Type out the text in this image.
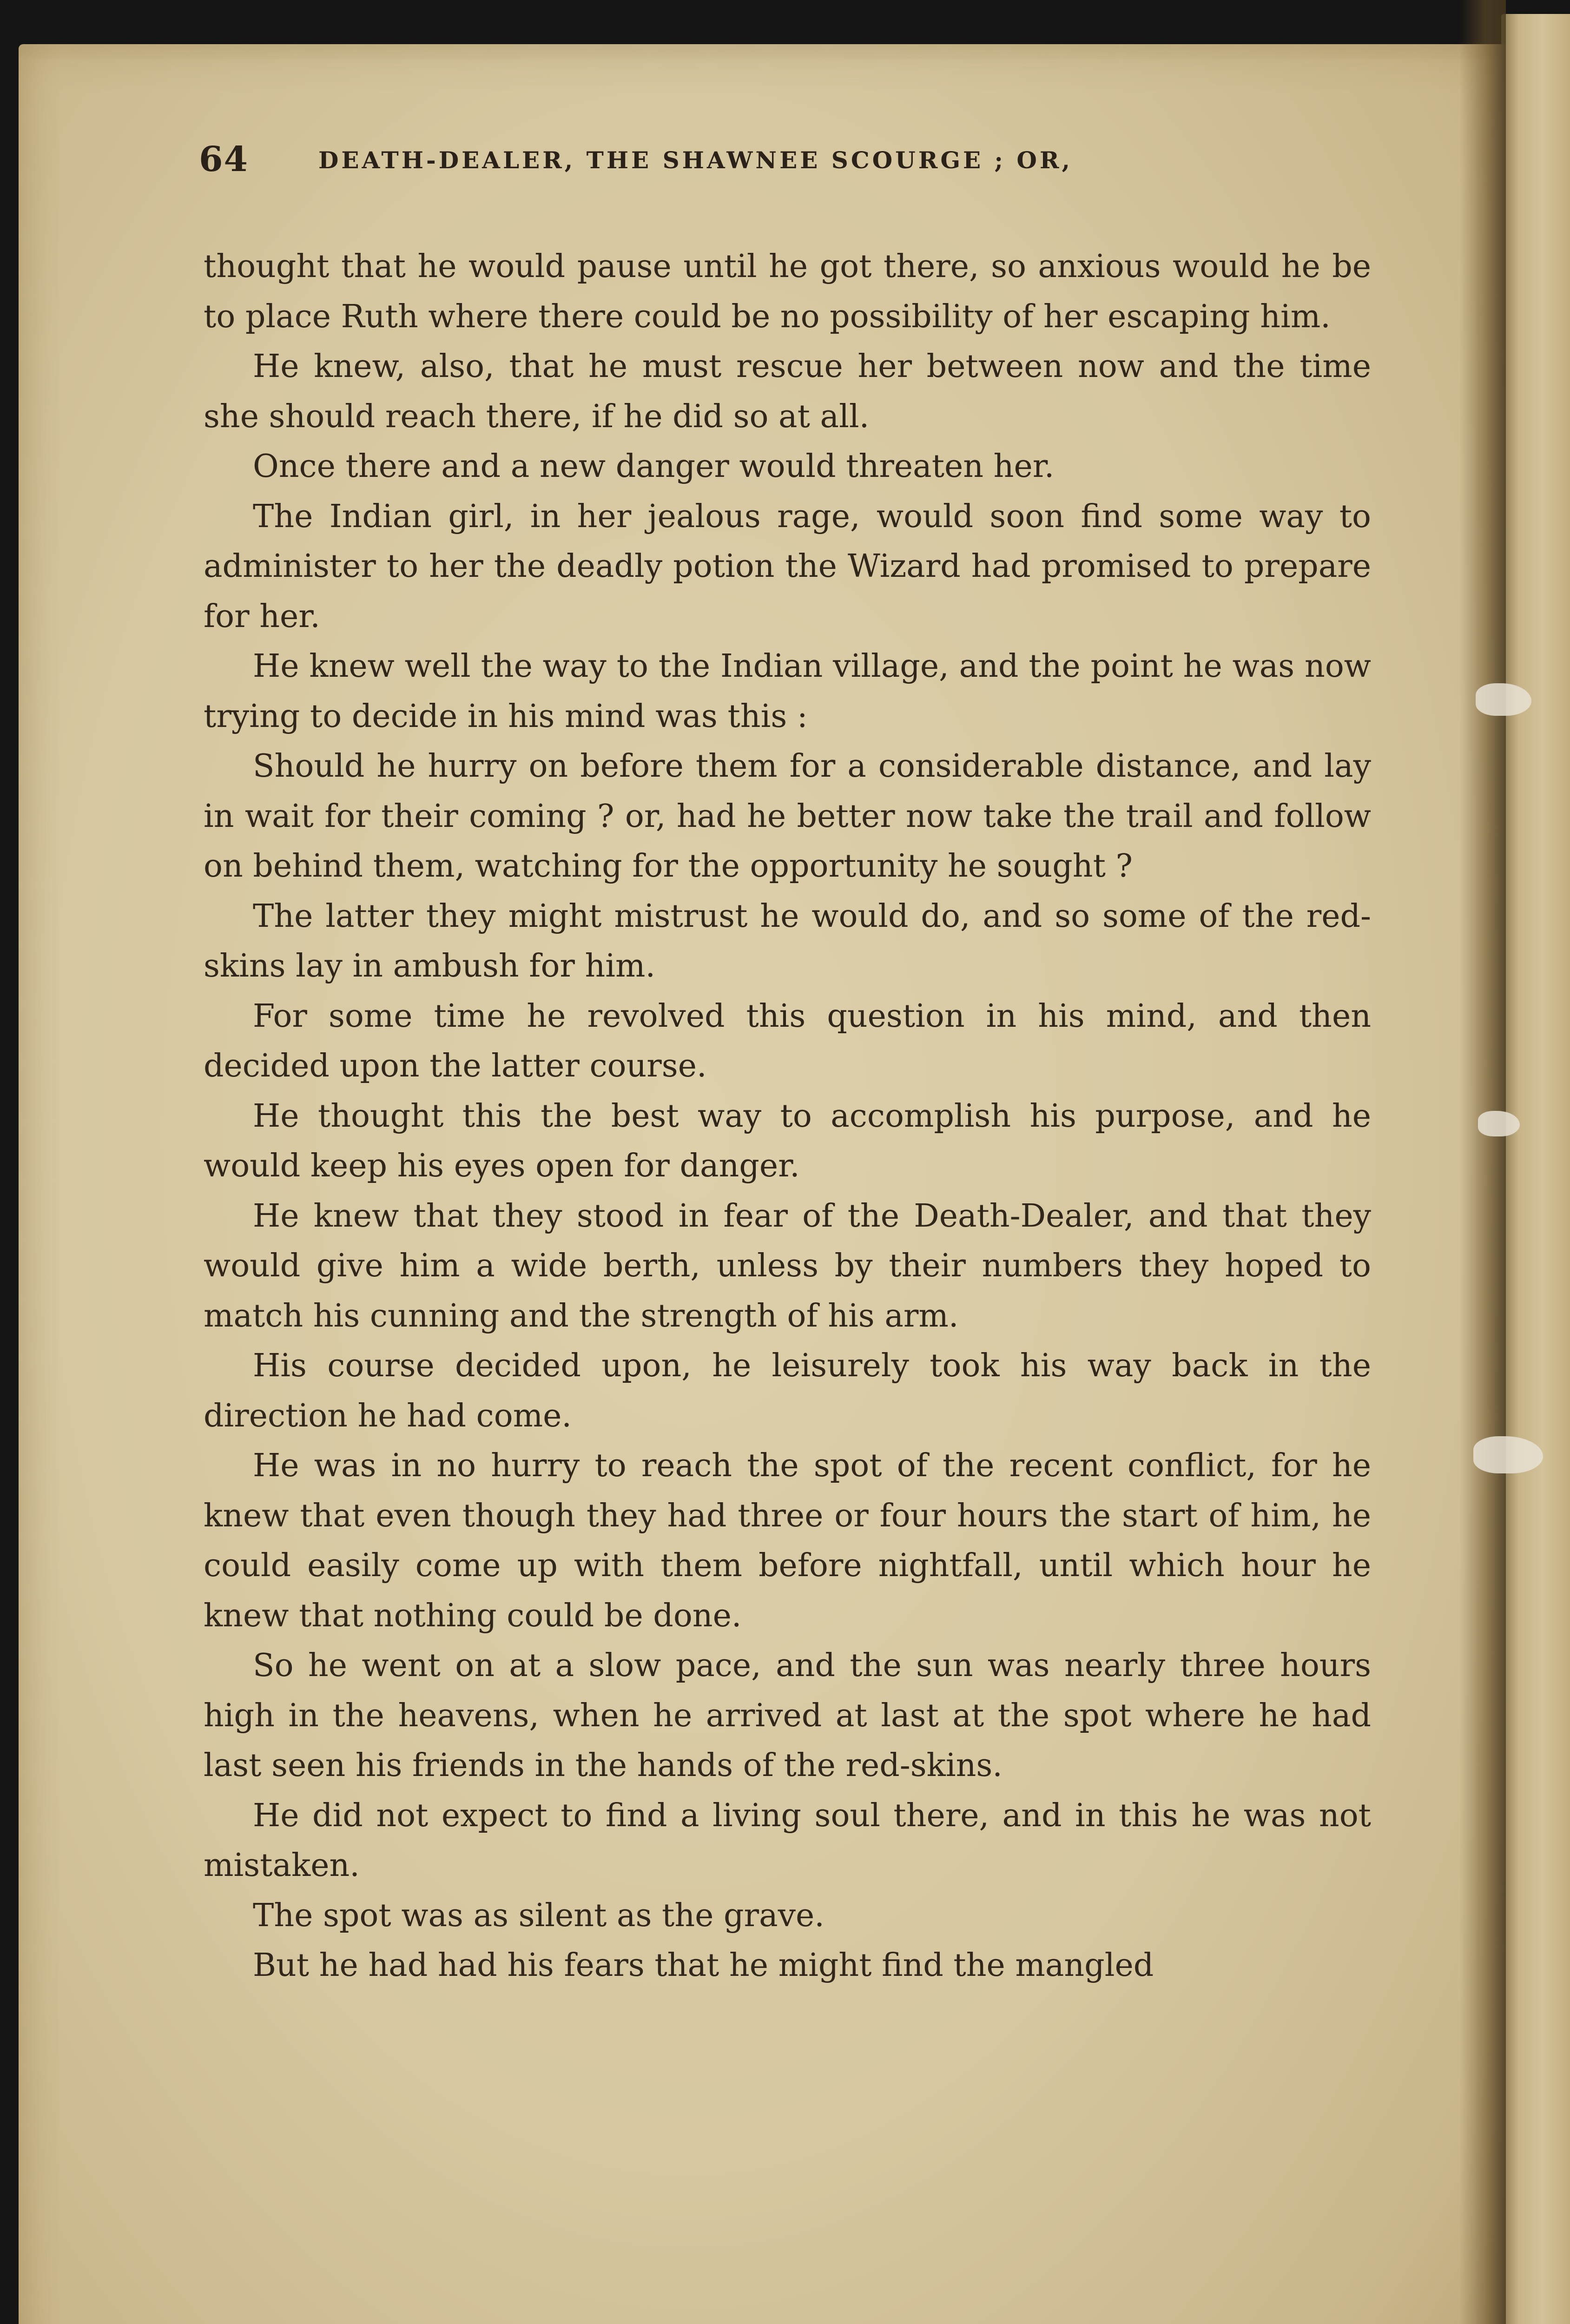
64	DEATH-DEALER, THE SHAWNEE SCOURGE ; OR,

thought that he would pause until he got there, so anxious would he be to place Ruth where there could be no possibility of her escaping him.

He knew, also, that he must rescue her between now and the time she should reach there, if he did so at all.

Once there and a new danger would threaten her.

The Indian girl, in her jealous rage, would soon find some way to administer to her the deadly potion the Wizard had promised to prepare for her.

He knew well the way to the Indian village, and the point he was now trying to decide in his mind was this :

Should he hurry on before them for a considerable distance, and lay in wait for their coming ? or, had he better now take the trail and follow on behind them, watching for the opportunity he sought ?

The latter they might mistrust he would do, and so some of the red-skins lay in ambush for him.

For some time he revolved this question in his mind, and then decided upon the latter course.

He thought this the best way to accomplish his purpose, and he would keep his eyes open for danger.

He knew that they stood in fear of the Death-Dealer, and that they would give him a wide berth, unless by their numbers they hoped to match his cunning and the strength of his arm.

His course decided upon, he leisurely took his way back in the direction he had come.

He was in no hurry to reach the spot of the recent conflict, for he knew that even though they had three or four hours the start of him, he could easily come up with them before nightfall, until which hour he knew that nothing could be done.

So he went on at a slow pace, and the sun was nearly three hours high in the heavens, when he arrived at last at the spot where he had last seen his friends in the hands of the red-skins.

He did not expect to find a living soul there, and in this he was not mistaken.

The spot was as silent as the grave.

But he had had his fears that he might find the mangled
